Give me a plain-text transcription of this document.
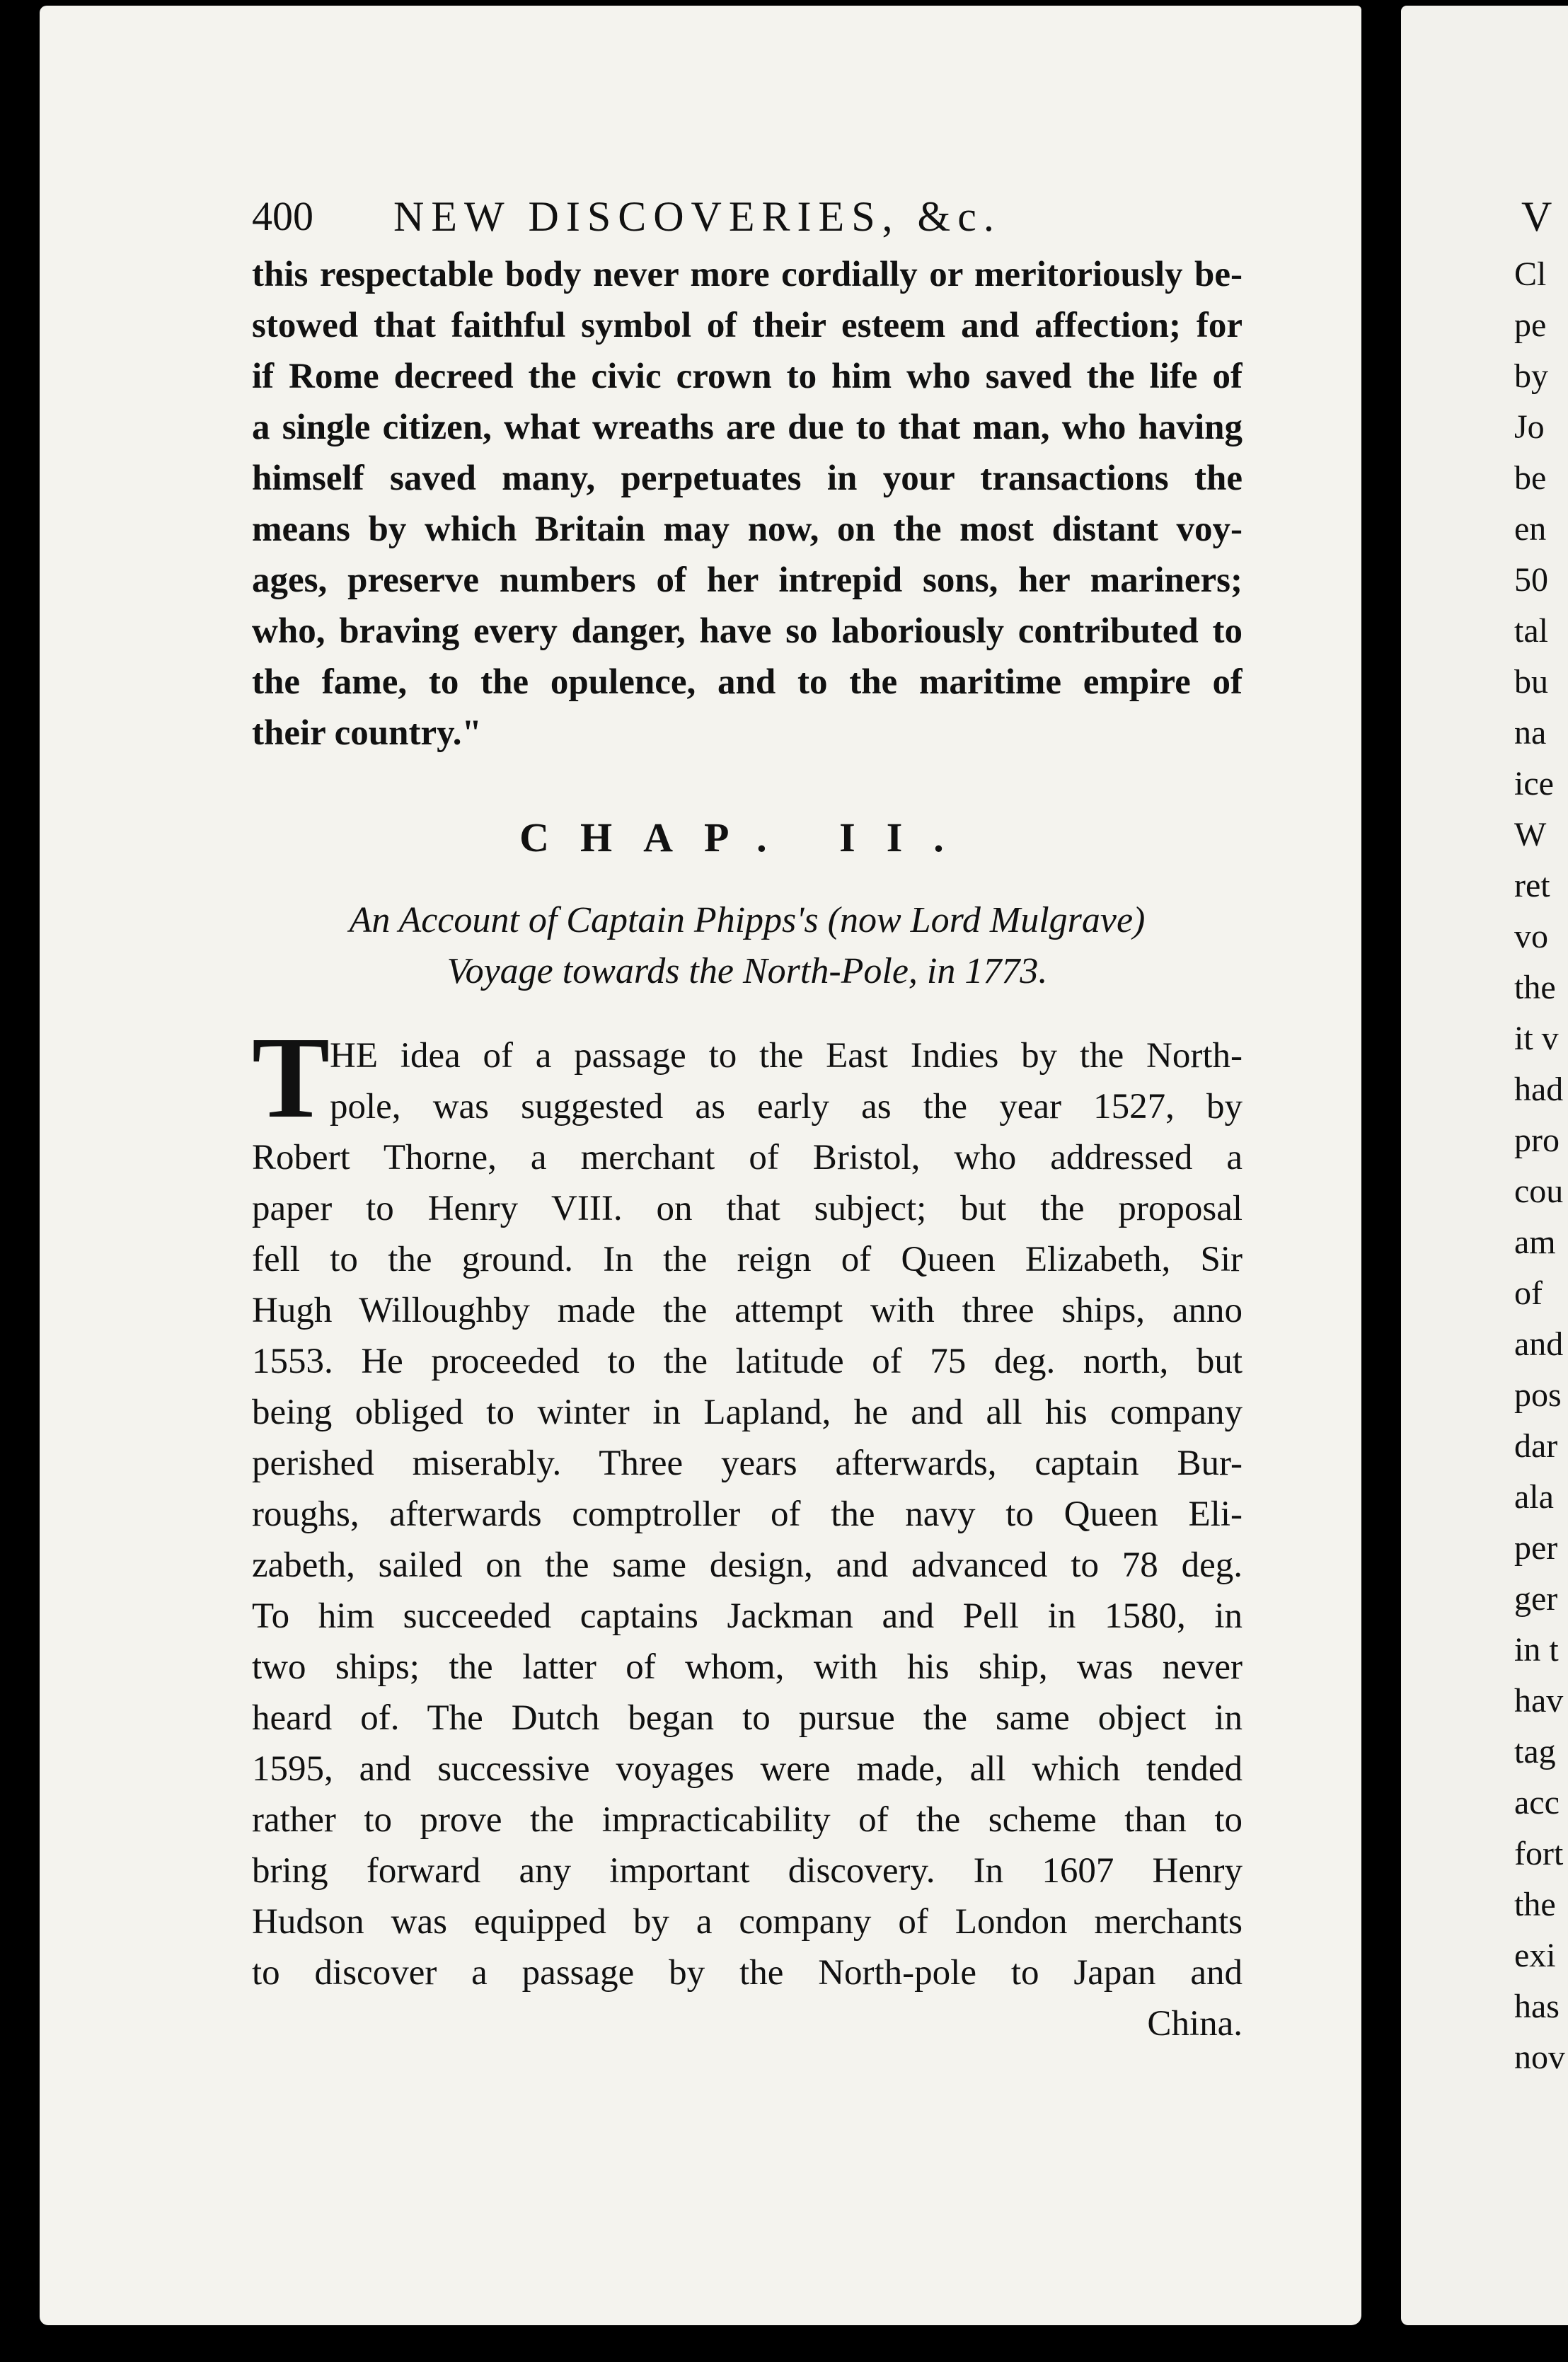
400 NEW DISCOVERIES, &c.
this respectable body never more cordially or meritoriously be-
stowed that faithful symbol of their esteem and affection; for
if Rome decreed the civic crown to him who saved the life of
a single citizen, what wreaths are due to that man, who having
himself saved many, perpetuates in your transactions the
means by which Britain may now, on the most distant voy-
ages, preserve numbers of her intrepid sons, her mariners;
who, braving every danger, have so laboriously contributed to
the fame, to the opulence, and to the maritime empire of
their country."
CHAP. II.
An Account of Captain Phipps's (now Lord Mulgrave)
Voyage towards the North-Pole, in 1773.
T HE idea of a passage to the East Indies by the North-
pole, was suggested as early as the year 1527, by
Robert Thorne, a merchant of Bristol, who addressed a
paper to Henry VIII. on that subject; but the proposal
fell to the ground. In the reign of Queen Elizabeth, Sir
Hugh Willoughby made the attempt with three ships, anno
1553. He proceeded to the latitude of 75 deg. north, but
being obliged to winter in Lapland, he and all his company
perished miserably. Three years afterwards, captain Bur-
roughs, afterwards comptroller of the navy to Queen Eli-
zabeth, sailed on the same design, and advanced to 78 deg.
To him succeeded captains Jackman and Pell in 1580, in
two ships; the latter of whom, with his ship, was never
heard of. The Dutch began to pursue the same object in
1595, and successive voyages were made, all which tended
rather to prove the impracticability of the scheme than to
bring forward any important discovery. In 1607 Henry
Hudson was equipped by a company of London merchants
to discover a passage by the North-pole to Japan and
China.
V
Cl
pe
by
Jo
be
en
50
tal
bu
na
ice
W
ret
vo
the
it v
had
pro
cou
am
of
and
pos
dar
ala
per
ger
in t
hav
tag
acc
fort
the
exi
has
nov
